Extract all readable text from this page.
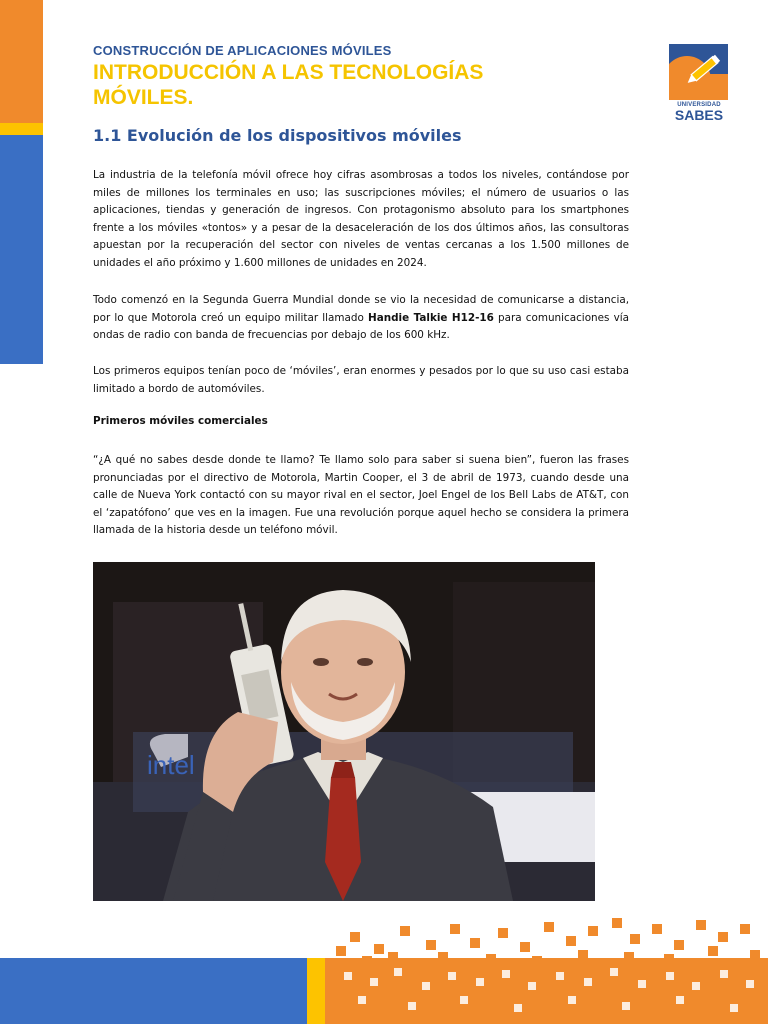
CONSTRUCCIÓN DE APLICACIONES MÓVILES
INTRODUCCIÓN A LAS TECNOLOGÍAS
MÓVILES.
1.1 Evolución de los dispositivos móviles
UNIVERSIDAD
SABES

La industria de la telefonía móvil ofrece hoy cifras asombrosas a todos los niveles, contándose por miles de millones los terminales en uso; las suscripciones móviles; el número de usuarios o las aplicaciones, tiendas y generación de ingresos. Con protagonismo absoluto para los smartphones frente a los móviles «tontos» y a pesar de la desaceleración de los dos últimos años, las consultoras apuestan por la recuperación del sector con niveles de ventas cercanas a los 1.500 millones de unidades el año próximo y 1.600 millones de unidades en 2024.

Todo comenzó en la Segunda Guerra Mundial donde se vio la necesidad de comunicarse a distancia, por lo que Motorola creó un equipo militar llamado Handie Talkie H12-16 para comunicaciones vía ondas de radio con banda de frecuencias por debajo de los 600 kHz.

Los primeros equipos tenían poco de ‘móviles’, eran enormes y pesados por lo que su uso casi estaba limitado a bordo de automóviles.

Primeros móviles comerciales

“¿A qué no sabes desde donde te llamo? Te llamo solo para saber si suena bien”, fueron las frases pronunciadas por el directivo de Motorola, Martin Cooper, el 3 de abril de 1973, cuando desde una calle de Nueva York contactó con su mayor rival en el sector, Joel Engel de los Bell Labs de AT&T, con el ‘zapatófono’ que ves en la imagen. Fue una revolución porque aquel hecho se considera la primera llamada de la historia desde un teléfono móvil.

intel
